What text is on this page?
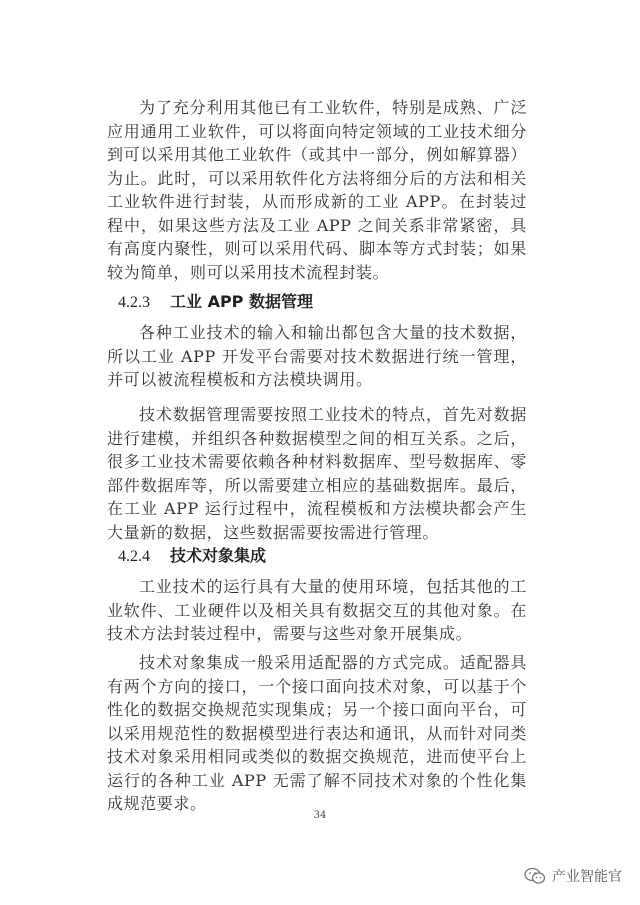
为了充分利用其他已有工业软件，特别是成熟、广泛应用通用工业软件，可以将面向特定领域的工业技术细分到可以采用其他工业软件（或其中一部分，例如解算器）为止。此时，可以采用软件化方法将细分后的方法和相关工业软件进行封装，从而形成新的工业 APP。在封装过程中，如果这些方法及工业 APP 之间关系非常紧密，具有高度内聚性，则可以采用代码、脚本等方式封装；如果较为简单，则可以采用技术流程封装。

4.2.3 工业 APP 数据管理

各种工业技术的输入和输出都包含大量的技术数据，所以工业 APP 开发平台需要对技术数据进行统一管理，并可以被流程模板和方法模块调用。

技术数据管理需要按照工业技术的特点，首先对数据进行建模，并组织各种数据模型之间的相互关系。之后，很多工业技术需要依赖各种材料数据库、型号数据库、零部件数据库等，所以需要建立相应的基础数据库。最后，在工业 APP 运行过程中，流程模板和方法模块都会产生大量新的数据，这些数据需要按需进行管理。

4.2.4 技术对象集成

工业技术的运行具有大量的使用环境，包括其他的工业软件、工业硬件以及相关具有数据交互的其他对象。在技术方法封装过程中，需要与这些对象开展集成。

技术对象集成一般采用适配器的方式完成。适配器具有两个方向的接口，一个接口面向技术对象，可以基于个性化的数据交换规范实现集成；另一个接口面向平台，可以采用规范性的数据模型进行表达和通讯，从而针对同类技术对象采用相同或类似的数据交换规范，进而使平台上运行的各种工业 APP 无需了解不同技术对象的个性化集成规范要求。

34
产业智能官
